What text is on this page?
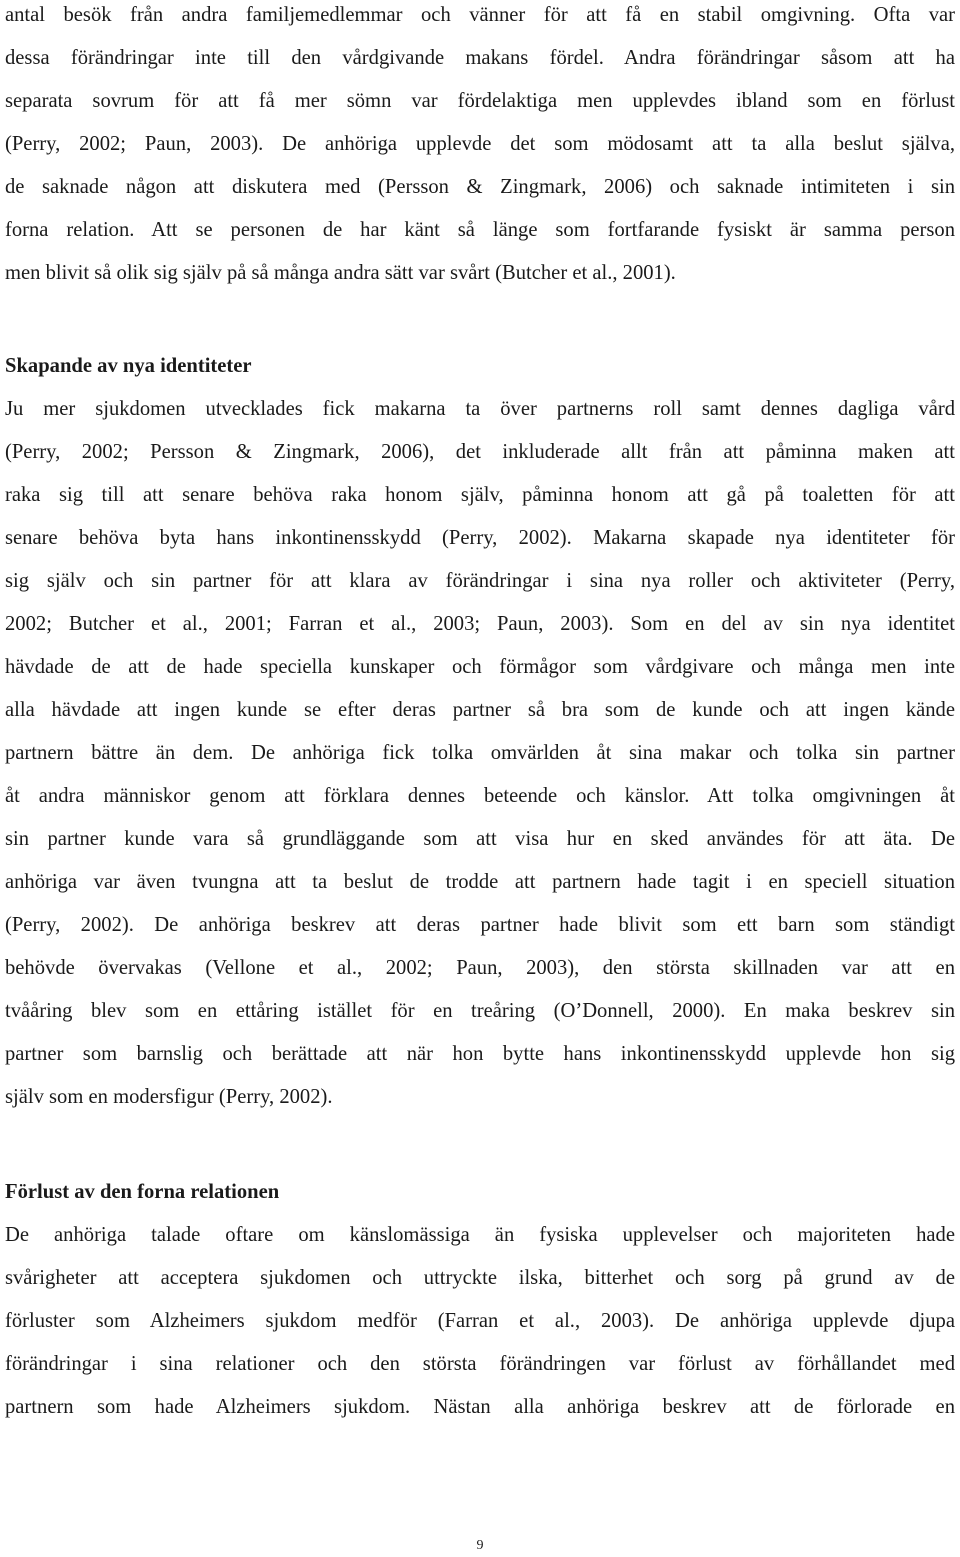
antal besök från andra familjemedlemmar och vänner för att få en stabil omgivning. Ofta var
dessa förändringar inte till den vårdgivande makans fördel. Andra förändringar såsom att ha
separata sovrum för att få mer sömn var fördelaktiga men upplevdes ibland som en förlust
(Perry, 2002; Paun, 2003). De anhöriga upplevde det som mödosamt att ta alla beslut själva,
de saknade någon att diskutera med (Persson & Zingmark, 2006) och saknade intimiteten i sin
forna relation. Att se personen de har känt så länge som fortfarande fysiskt är samma person
men blivit så olik sig själv på så många andra sätt var svårt (Butcher et al., 2001).
Skapande av nya identiteter
Ju mer sjukdomen utvecklades fick makarna ta över partnerns roll samt dennes dagliga vård
(Perry, 2002; Persson & Zingmark, 2006), det inkluderade allt från att påminna maken att
raka sig till att senare behöva raka honom själv, påminna honom att gå på toaletten för att
senare behöva byta hans inkontinensskydd (Perry, 2002). Makarna skapade nya identiteter för
sig själv och sin partner för att klara av förändringar i sina nya roller och aktiviteter (Perry,
2002; Butcher et al., 2001; Farran et al., 2003; Paun, 2003). Som en del av sin nya identitet
hävdade de att de hade speciella kunskaper och förmågor som vårdgivare och många men inte
alla hävdade att ingen kunde se efter deras partner så bra som de kunde och att ingen kände
partnern bättre än dem. De anhöriga fick tolka omvärlden åt sina makar och tolka sin partner
åt andra människor genom att förklara dennes beteende och känslor. Att tolka omgivningen åt
sin partner kunde vara så grundläggande som att visa hur en sked användes för att äta. De
anhöriga var även tvungna att ta beslut de trodde att partnern hade tagit i en speciell situation
(Perry, 2002). De anhöriga beskrev att deras partner hade blivit som ett barn som ständigt
behövde övervakas (Vellone et al., 2002; Paun, 2003), den största skillnaden var att en
tvååring blev som en ettåring istället för en treåring (O’Donnell, 2000). En maka beskrev sin
partner som barnslig och berättade att när hon bytte hans inkontinensskydd upplevde hon sig
själv som en modersfigur (Perry, 2002).
Förlust av den forna relationen
De anhöriga talade oftare om känslomässiga än fysiska upplevelser och majoriteten hade
svårigheter att acceptera sjukdomen och uttryckte ilska, bitterhet och sorg på grund av de
förluster som Alzheimers sjukdom medför (Farran et al., 2003). De anhöriga upplevde djupa
förändringar i sina relationer och den största förändringen var förlust av förhållandet med
partnern som hade Alzheimers sjukdom. Nästan alla anhöriga beskrev att de förlorade en
9
